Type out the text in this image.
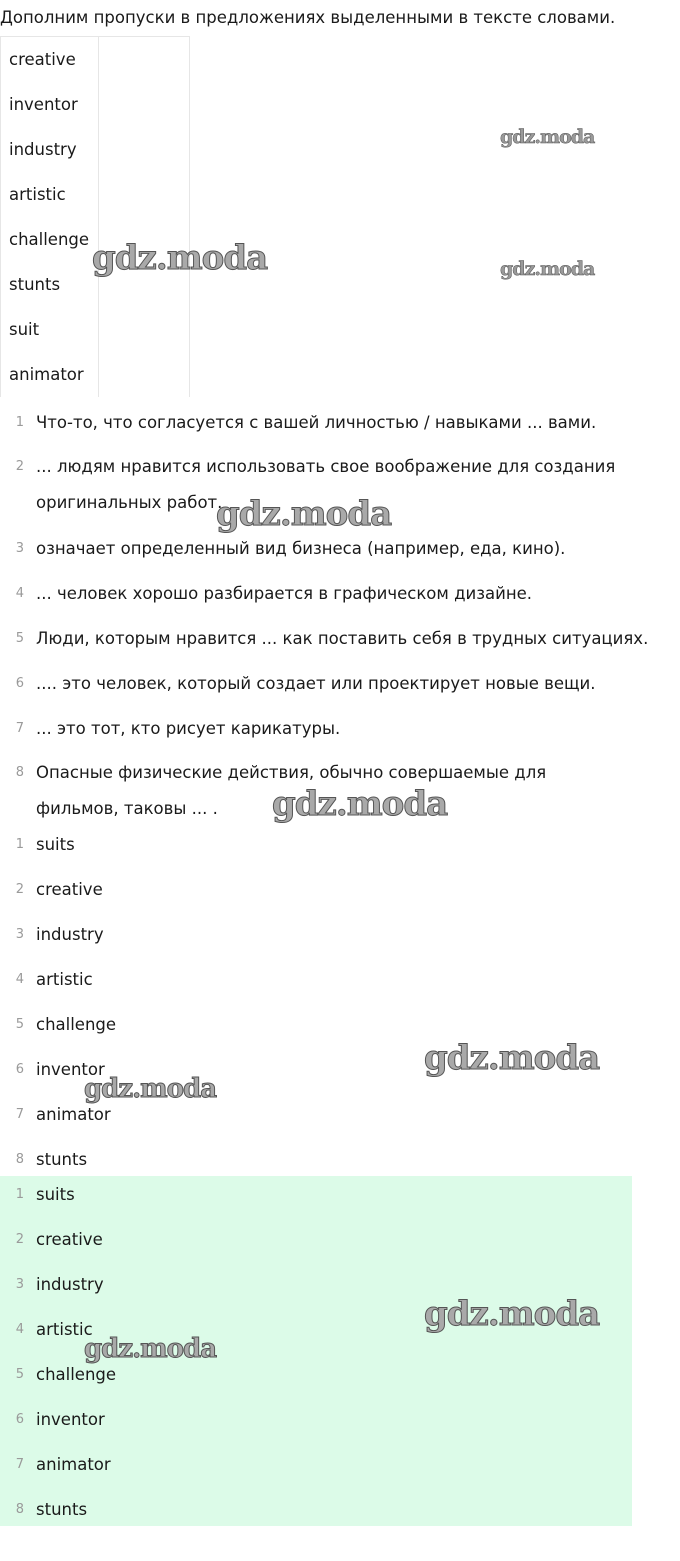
Дополним пропуски в предложениях выделенными в тексте словами.

creative	
inventor
industry
artistic
challenge
stunts
suit
animator
1 Что-то, что согласуется с вашей личностью / навыками ... вами.
2 ... людям нравится использовать свое воображение для создания оригинальных работ.
3 означает определенный вид бизнеса (например, еда, кино).
4 ... человек хорошо разбирается в графическом дизайне.
5 Люди, которым нравится ... как поставить себя в трудных ситуациях.
6 .... это человек, который создает или проектирует новые вещи.
7 ... это тот, кто рисует карикатуры.
8 Опасные физические действия, обычно совершаемые для фильмов, таковы ... .
1 suits
2 creative
3 industry
4 artistic
5 challenge
6 inventor
7 animator
8 stunts
1 suits
2 creative
3 industry
4 artistic
5 challenge
6 inventor
7 animator
8 stunts
gdz.moda
gdz.moda
gdz.moda
gdz.moda
gdz.moda
gdz.moda
gdz.moda
gdz.moda
gdz.moda
